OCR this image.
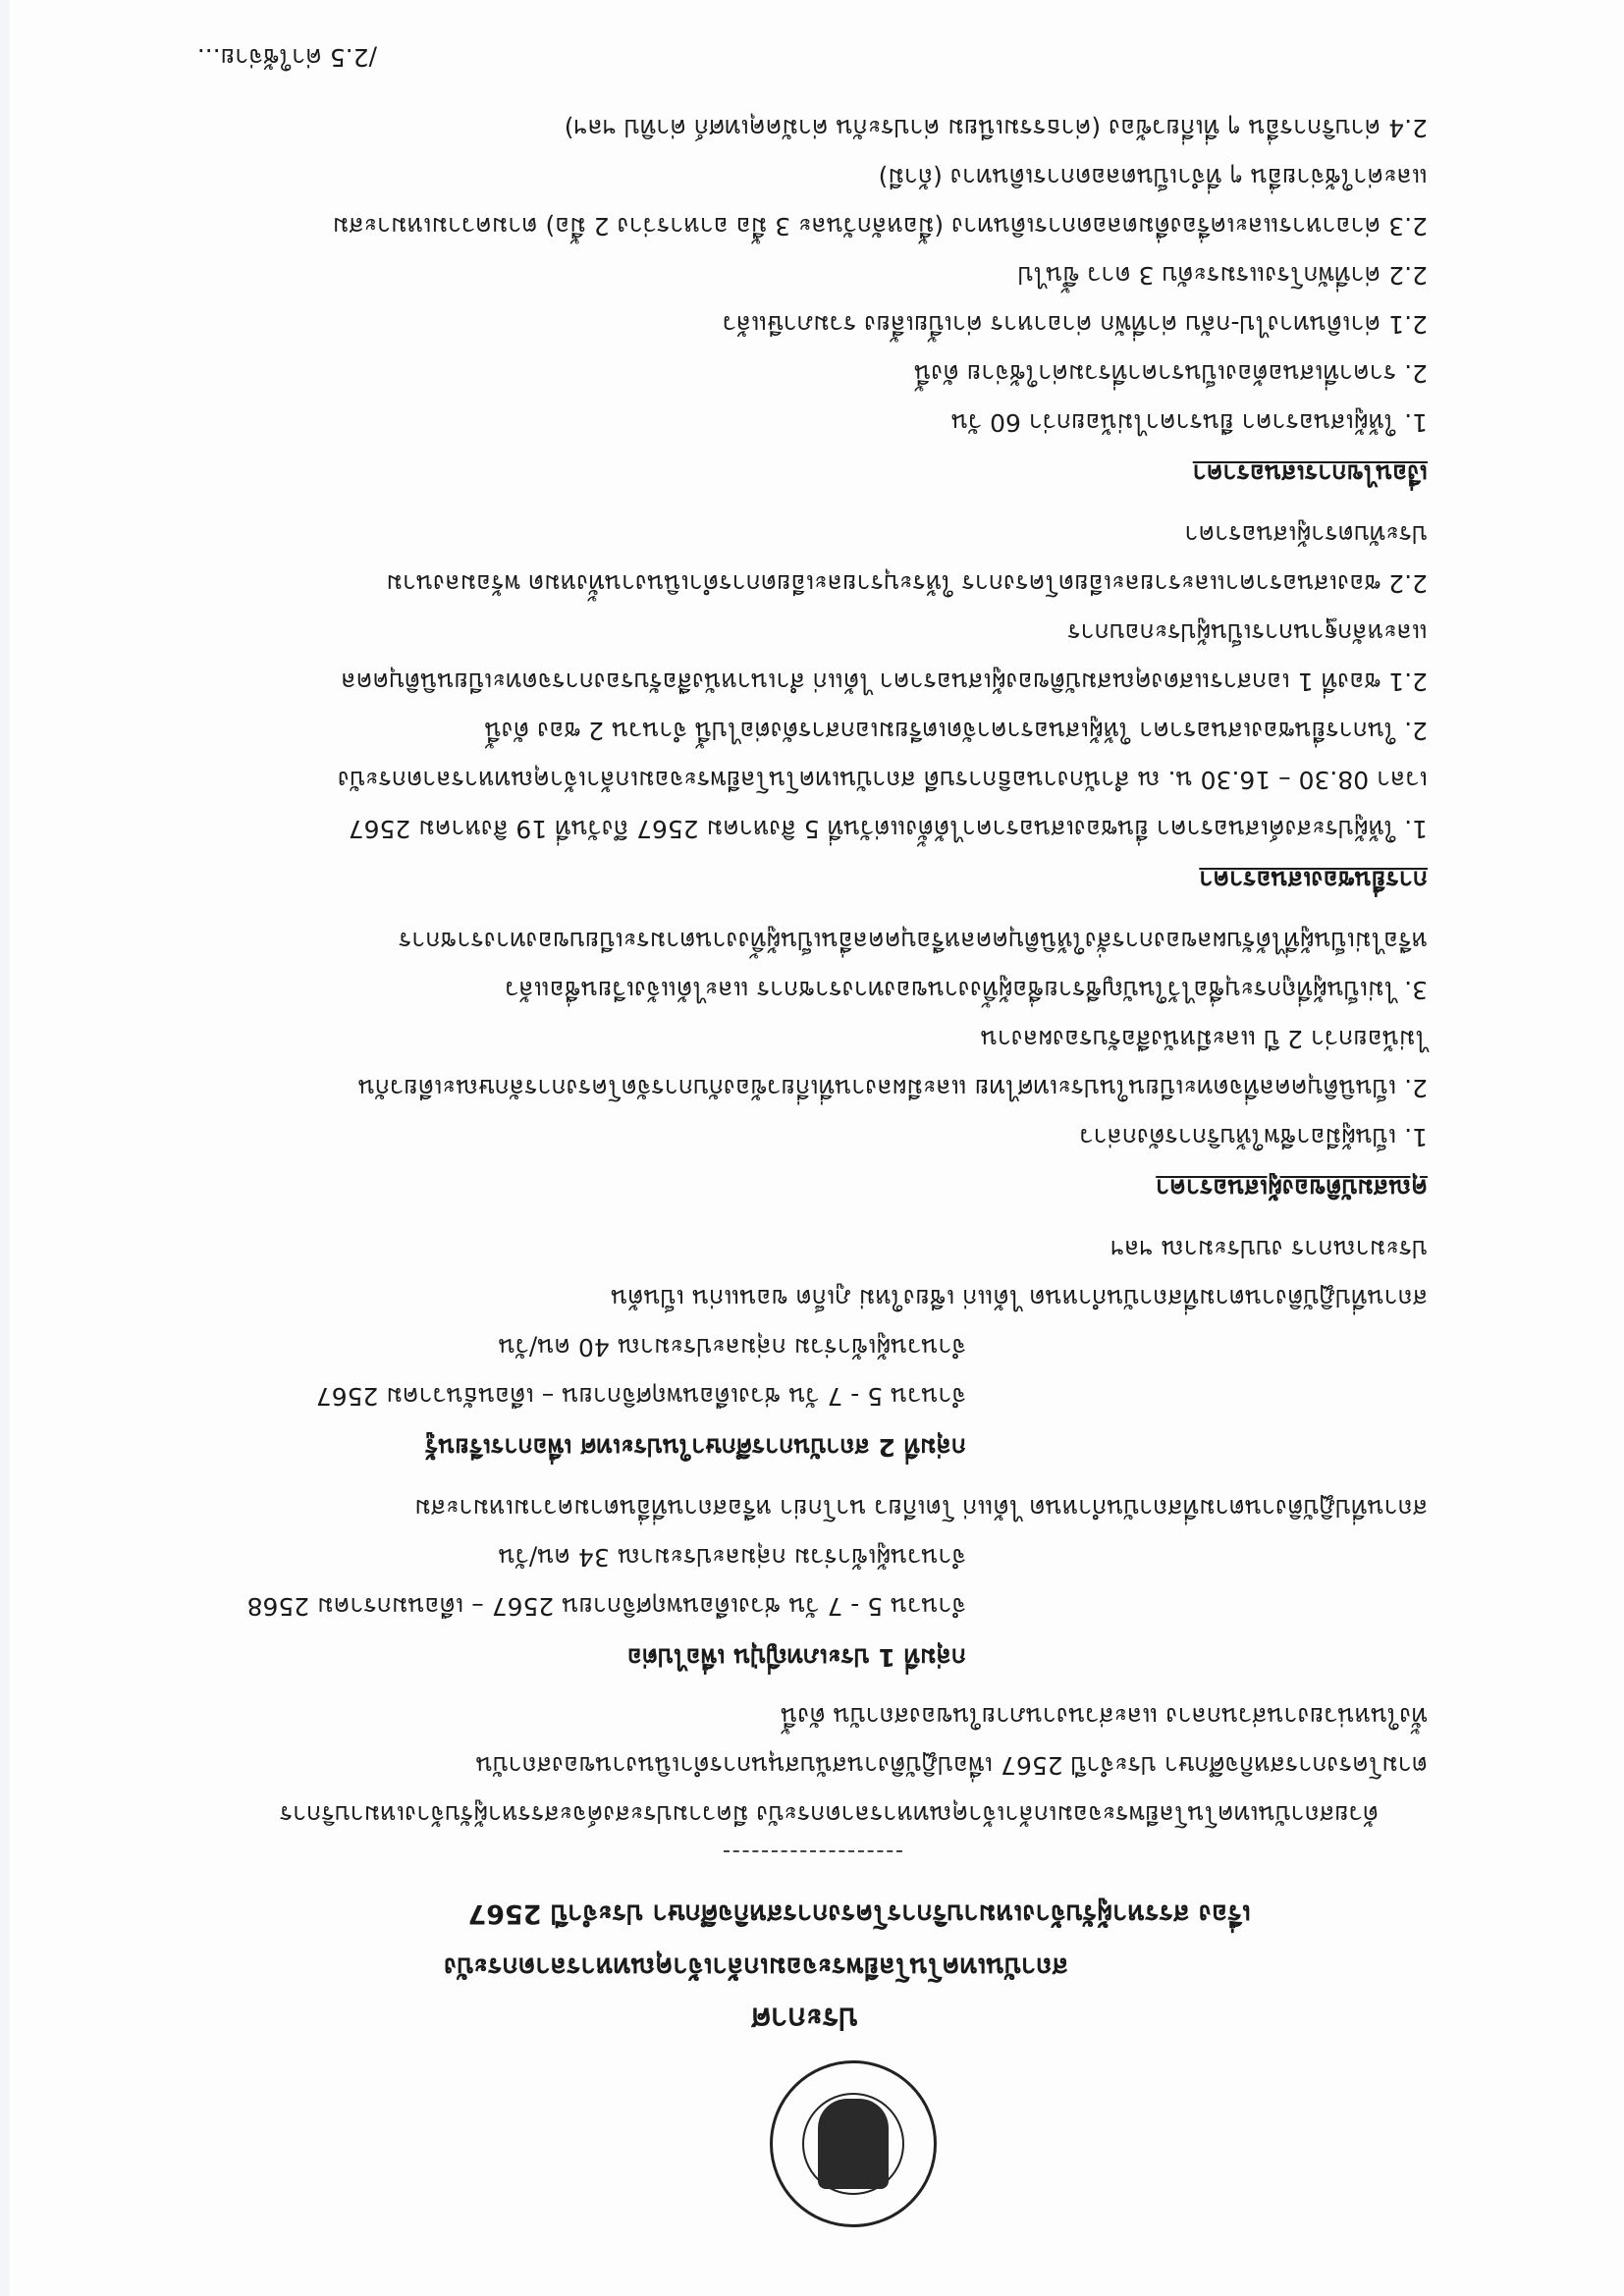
ประกาศ
สถาบันเทคโนโลยีพระจอมเกล้าเจ้าคุณทหารลาดกระบัง
เรื่อง สรรหาผู้รับจ้างเหมาบริการโครงการสหกิจศึกษา ประจำปี 2567
ด้วยสถาบันเทคโนโลยีพระจอมเกล้าเจ้าคุณทหารลาดกระบัง มีความประสงค์จะสรรหาผู้รับจ้างเหมาบริการ
ตามโครงการสหกิจศึกษา ประจำปี 2567 เพื่อปฏิบัติงานสนับสนุนการดำเนินงานของสถาบัน
ทั้งในหน่วยงานส่วนกลาง และส่วนงานภายในของสถาบัน ดังนี้
กลุ่มที่ 1 ประเภทญี่ปุ่น เพื่อไปต่อ
จำนวน 5 - 7 วัน ช่วงเดือนพฤศจิกายน 2567 – เดือนมกราคม 2568
จำนวนผู้เข้าร่วม กลุ่มละประมาณ 34 คน/วัน
สถานที่ปฏิบัติงานตามที่สถาบันกำหนด ได้แก่ โตเกียว นาโกย่า หรือสถานที่อื่นตามความเหมาะสม
กลุ่มที่ 2 สถาบันการศึกษาในประเทศ เพื่อการเรียนรู้
จำนวน 5 - 7 วัน ช่วงเดือนพฤศจิกายน – เดือนธันวาคม 2567
จำนวนผู้เข้าร่วม กลุ่มละประมาณ 40 คน/วัน
สถานที่ปฏิบัติงานตามที่สถาบันกำหนด ได้แก่ เชียงใหม่ ภูเก็ต ขอนแก่น เป็นต้น
ประมาณการ งบประมาณ ฯลฯ
คุณสมบัติของผู้เสนอราคา
1. เป็นผู้มีอาชีพให้บริการดังกล่าว
2. เป็นนิติบุคคลที่จดทะเบียนในประเทศไทย และมีผลงานที่เกี่ยวข้องกับการจัดโครงการลักษณะเดียวกัน
ไม่น้อยกว่า 2 ปี และมีหนังสือรับรองผลงาน
3. ไม่เป็นผู้ที่ถูกระบุชื่อไว้ในบัญชีรายชื่อผู้ทิ้งงานของทางราชการ และได้แจ้งเวียนชื่อแล้ว
หรือไม่เป็นผู้ที่ได้รับผลของการสั่งให้นิติบุคคลหรือบุคคลอื่นเป็นผู้ทิ้งงานตามระเบียบของทางราชการ
การยื่นซองเสนอราคา
1. ให้ผู้ประสงค์เสนอราคา ยื่นซองเสนอราคาได้ตั้งแต่วันที่ 5 สิงหาคม 2567 ถึงวันที่ 19 สิงหาคม 2567
เวลา 08.30 – 16.30 น. ณ สำนักงานอธิการบดี สถาบันเทคโนโลยีพระจอมเกล้าเจ้าคุณทหารลาดกระบัง
2. ในการยื่นซองเสนอราคา ให้ผู้เสนอราคาจัดเตรียมเอกสารดังต่อไปนี้ จำนวน 2 ซอง ดังนี้
2.1 ซองที่ 1 เอกสารแสดงคุณสมบัติของผู้เสนอราคา ได้แก่ สำเนาหนังสือรับรองการจดทะเบียนนิติบุคคล
และหลักฐานการเป็นผู้ประกอบการ
2.2 ซองเสนอราคาและรายละเอียดโครงการ ให้ระบุรายละเอียดการดำเนินงานทั้งหมด พร้อมลงนาม
ประทับตราผู้เสนอราคา
เงื่อนไขการเสนอราคา
1. ให้ผู้เสนอราคา ยืนราคาไม่น้อยกว่า 60 วัน
2. ราคาที่เสนอต้องเป็นราคาที่รวมค่าใช้จ่าย ดังนี้
2.1 ค่าเดินทางไป-กลับ ค่าที่พัก ค่าอาหาร ค่าเบี้ยเลี้ยง รวมภาษีแล้ว
2.2 ค่าที่พักโรงแรมระดับ 3 ดาว ขึ้นไป
2.3 ค่าอาหารและเครื่องดื่มตลอดการเดินทาง (มื้อหลักวันละ 3 มื้อ อาหารว่าง 2 มื้อ) ตามความเหมาะสม
และค่าใช้จ่ายอื่น ๆ ที่จำเป็นตลอดการเดินทาง (ถ้ามี)
2.4 ค่าบริการอื่น ๆ ที่เกี่ยวข้อง (ค่าธรรมเนียม ค่าประกัน ค่ามัคคุเทศก์ ค่าทิป ฯลฯ)
/2.5 ค่าใช้จ่าย...
